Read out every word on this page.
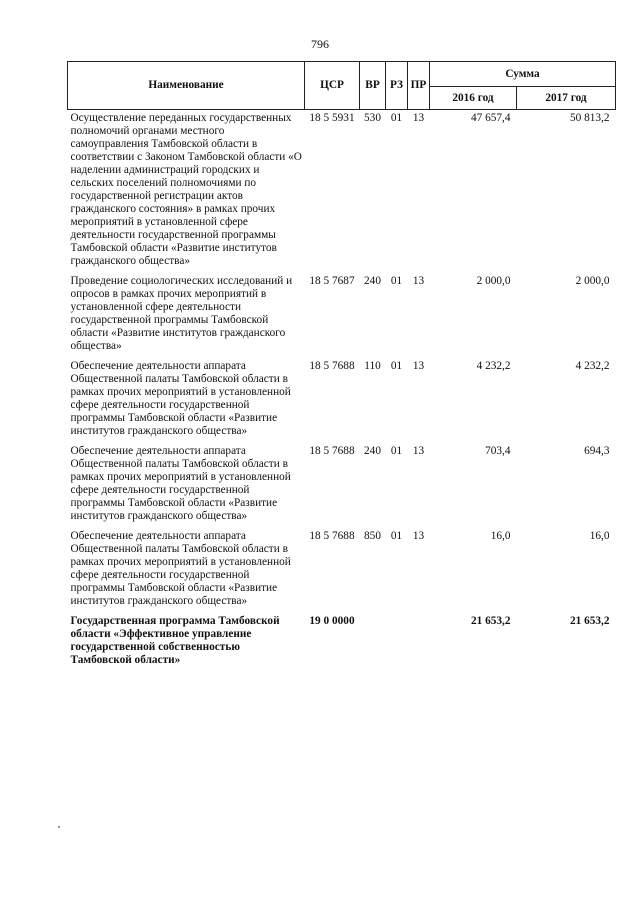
796
Наименование	ЦСР	ВР	РЗ	ПР	Сумма	
					2016 год	2017 год
Осуществление переданных государственных полномочий органами местного самоуправления Тамбовской области в соответствии с Законом Тамбовской области «О наделении администраций городских и сельских поселений полномочиями по государственной регистрации актов гражданского состояния» в рамках прочих мероприятий в установленной сфере деятельности государственной программы Тамбовской области «Развитие институтов гражданского общества»	18 5 5931	530	01	13	47 657,4	50 813,2
Проведение социологических исследований и опросов в рамках прочих мероприятий в установленной сфере деятельности государственной программы Тамбовской области «Развитие институтов гражданского общества»	18 5 7687	240	01	13	2 000,0	2 000,0
Обеспечение деятельности аппарата Общественной палаты Тамбовской области в рамках прочих мероприятий в установленной сфере деятельности государственной программы Тамбовской области «Развитие институтов гражданского общества»	18 5 7688	110	01	13	4 232,2	4 232,2
Обеспечение деятельности аппарата Общественной палаты Тамбовской области в рамках прочих мероприятий в установленной сфере деятельности государственной программы Тамбовской области «Развитие институтов гражданского общества»	18 5 7688	240	01	13	703,4	694,3
Обеспечение деятельности аппарата Общественной палаты Тамбовской области в рамках прочих мероприятий в установленной сфере деятельности государственной программы Тамбовской области «Развитие институтов гражданского общества»	18 5 7688	850	01	13	16,0	16,0
Государственная программа Тамбовской области «Эффективное управление государственной собственностью Тамбовской области»	19 0 0000				21 653,2	21 653,2
